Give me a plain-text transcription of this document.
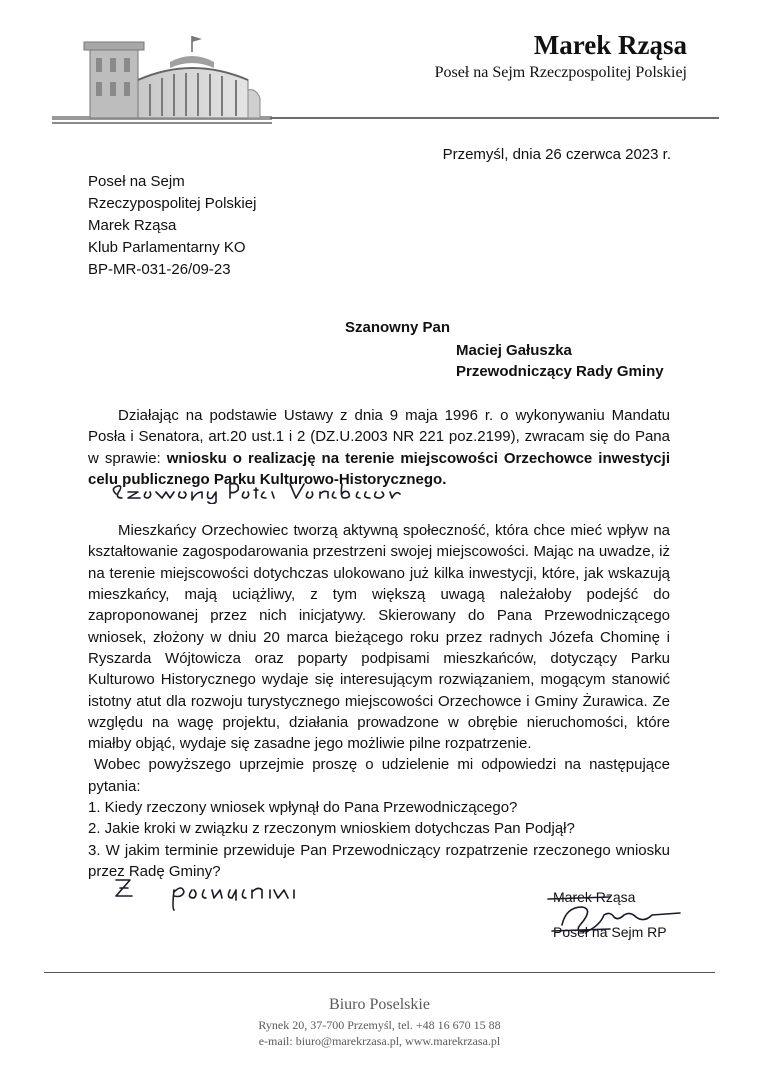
Marek Rząsa
Poseł na Sejm Rzeczpospolitej Polskiej
Przemyśl, dnia 26 czerwca 2023 r.
Poseł na Sejm
Rzeczypospolitej Polskiej
Marek Rząsa
Klub Parlamentarny KO
BP-MR-031-26/09-23
Szanowny Pan
Maciej Gałuszka
Przewodniczący Rady Gminy

Działając na podstawie Ustawy z dnia 9 maja 1996 r. o wykonywaniu Mandatu Posła i Senatora, art.20 ust.1 i 2 (DZ.U.2003 NR 221 poz.2199), zwracam się do Pana w sprawie: wniosku o realizację na terenie miejscowości Orzechowce inwestycji celu publicznego Parku Kulturowo-Historycznego.

Mieszkańcy Orzechowiec tworzą aktywną społeczność, która chce mieć wpływ na kształtowanie zagospodarowania przestrzeni swojej miejscowości. Mając na uwadze, iż na terenie miejscowości dotychczas ulokowano już kilka inwestycji, które, jak wskazują mieszkańcy, mają uciążliwy, z tym większą uwagą należałoby podejść do zaproponowanej przez nich inicjatywy. Skierowany do Pana Przewodniczącego wniosek, złożony w dniu 20 marca bieżącego roku przez radnych Józefa Chominę i Ryszarda Wójtowicza oraz poparty podpisami mieszkańców, dotyczący Parku Kulturowo Historycznego wydaje się interesującym rozwiązaniem, mogącym stanowić istotny atut dla rozwoju turystycznego miejscowości Orzechowce i Gminy Żurawica. Ze względu na wagę projektu, działania prowadzone w obrębie nieruchomości, które miałby objąć, wydaje się zasadne jego możliwie pilne rozpatrzenie.

Wobec powyższego uprzejmie proszę o udzielenie mi odpowiedzi na następujące pytania:

1. Kiedy rzeczony wniosek wpłynął do Pana Przewodniczącego?

2. Jakie kroki w związku z rzeczonym wnioskiem dotychczas Pan Podjął?

3. W jakim terminie przewiduje Pan Przewodniczący rozpatrzenie rzeczonego wniosku przez Radę Gminy?

Marek Rząsa
Poseł na Sejm RP
Biuro Poselskie
Rynek 20, 37-700 Przemyśl, tel. +48 16 670 15 88
e-mail: biuro@marekrzasa.pl, www.marekrzasa.pl
